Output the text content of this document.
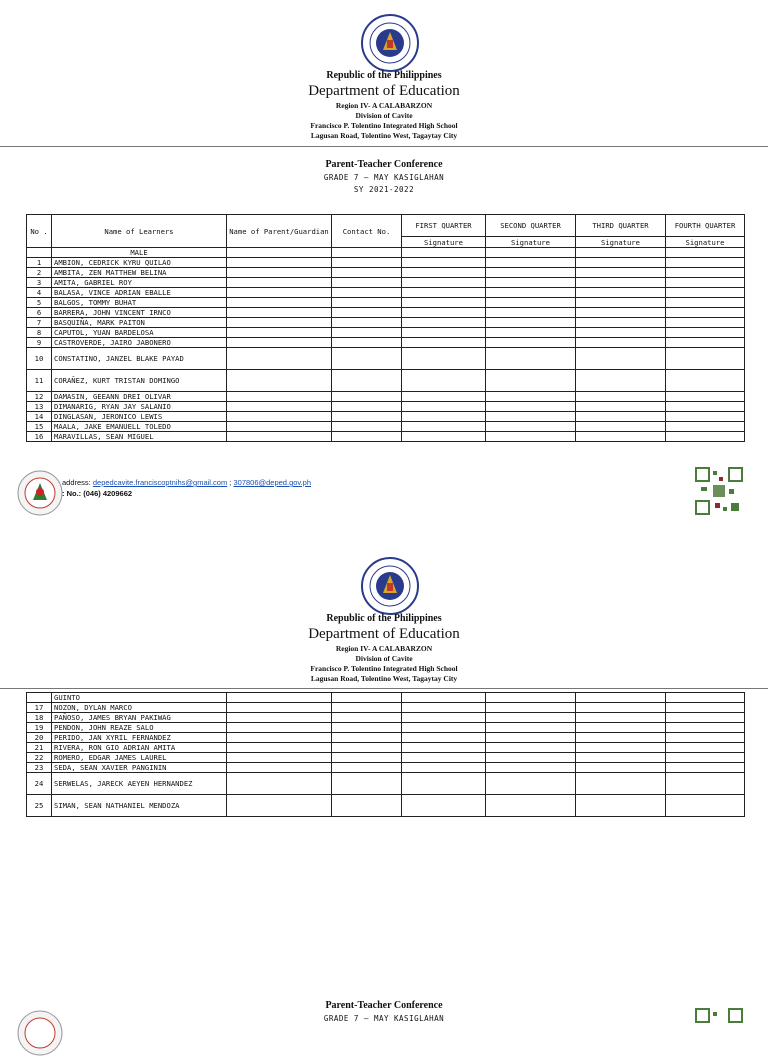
Republic of the Philippines
Department of Education
Region IV- A CALABARZON
Division of Cavite
Francisco P. Tolentino Integrated High School
Lagusan Road, Tolentino West, Tagaytay City
Parent-Teacher Conference
GRADE 7 – MAY KASIGLAHAN
SY 2021-2022
No .	Name of Learners	Name of Parent/Guardian	Contact No.	FIRST QUARTER	SECOND QUARTER	THIRD QUARTER	FOURTH QUARTER
				Signature	Signature	Signature	Signature
	MALE						
1	AMBION, CEDRICK KYRU QUILAO						
2	AMBITA, ZEN MATTHEW BELINA						
3	AMITA, GABRIEL ROY						
4	BALASA, VINCE ADRIAN EBALLE						
5	BALGOS, TOMMY BUHAT						
6	BARRERA, JOHN VINCENT IRNCO						
7	BASQUIÑA, MARK PAITON						
8	CAPUTOL, YUAN BARDELOSA						
9	CASTROVERDE, JAIRO JABONERO						
10	CONSTATINO, JANZEL BLAKE PAYAD						
11	CORAÑEZ, KURT TRISTAN DOMINGO						
12	DAMASIN, GEEANN DREI OLIVAR						
13	DIMANARIG, RYAN JAY SALANIO						
14	DINGLASAN, JERONICO LEWIS						
15	MAALA, JAKE EMANUELL TOLEDO						
16	MARAVILLAS, SEAN MIGUEL						
address: depedcavite.franciscoptnihs@gmail.com ; 307806@deped.gov.ph
: No.: (046) 4209662
Republic of the Philippines
Department of Education
Region IV- A CALABARZON
Division of Cavite
Francisco P. Tolentino Integrated High School
Lagusan Road, Tolentino West, Tagaytay City
	GUINTO						
17	NOZON, DYLAN MARCO						
18	PAÑOSO, JAMES BRYAN PAKIWAG						
19	PENDON, JOHN REAZE SALO						
20	PERIDO, JAN XYRIL FERNANDEZ						
21	RIVERA, RON GIO ADRIAN AMITA						
22	ROMERO, EDGAR JAMES LAUREL						
23	SEDA, SEAN XAVIER PANGININ						
24	SERWELAS, JARECK AEYEN HERNANDEZ						
25	SIMAN, SEAN NATHANIEL MENDOZA						
Parent-Teacher Conference
GRADE 7 – MAY KASIGLAHAN
